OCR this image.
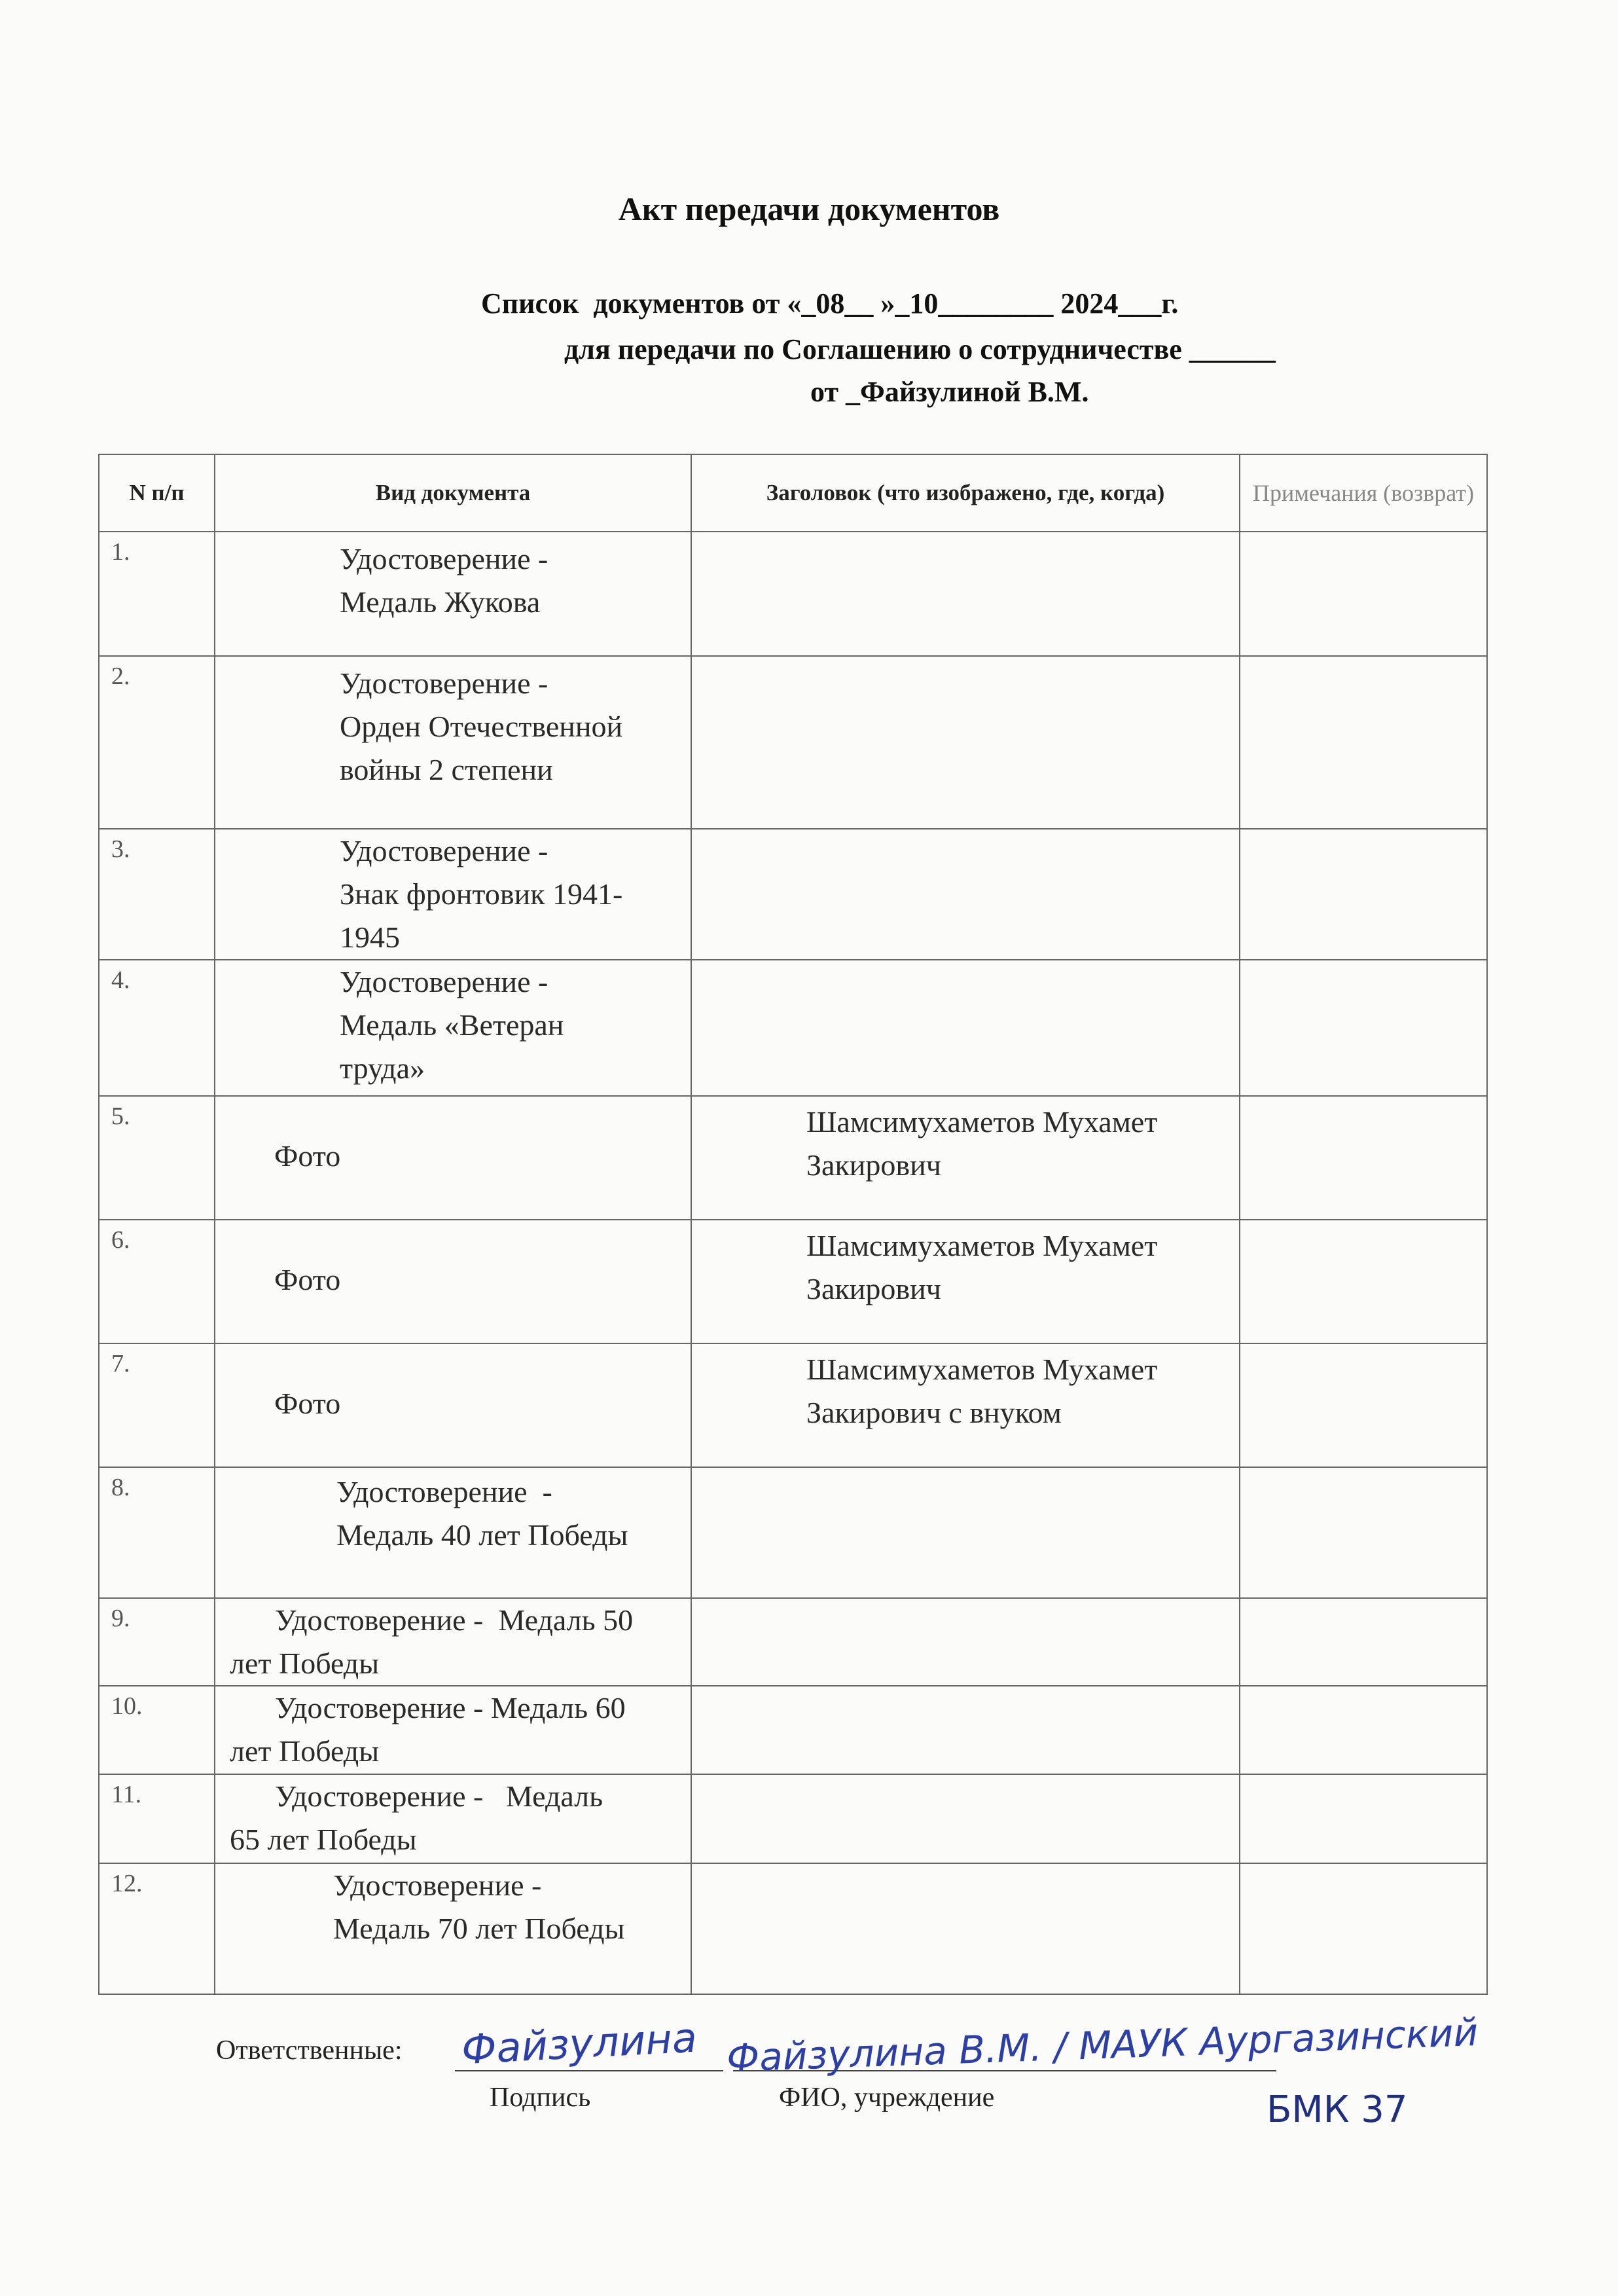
Акт передачи документов
Список  документов от «_08__ »_10________ 2024___г.
для передачи по Соглашению о сотрудничестве ______
от _Файзулиной В.М.
N п/п	Вид документа	Заголовок (что изображено, где, когда)	Примечания (возврат)
1.	Удостоверение -
Медаль Жукова		

2.	Удостоверение -
Орден Отечественной
войны 2 степени		

3.	Удостоверение -
Знак фронтовик 1941-
1945		

4.	Удостоверение -
Медаль «Ветеран
труда»		

5.	Фото	Шамсимухаметов Мухамет
Закирович	

6.	Фото	Шамсимухаметов Мухамет
Закирович	

7.	Фото	Шамсимухаметов Мухамет
Закирович с внуком	

8.	Удостоверение  -
Медаль 40 лет Победы		

9.	Удостоверение -  Медаль 50
лет Победы		

10.	Удостоверение - Медаль 60
лет Победы		

11.	Удостоверение -   Медаль
65 лет Победы		

12.	Удостоверение -
Медаль 70 лет Победы		

Ответственные:
Подпись	ФИО, учреждение
Файзулина Файзулина В.М. / МАУК Аургазинский
БМК 37
